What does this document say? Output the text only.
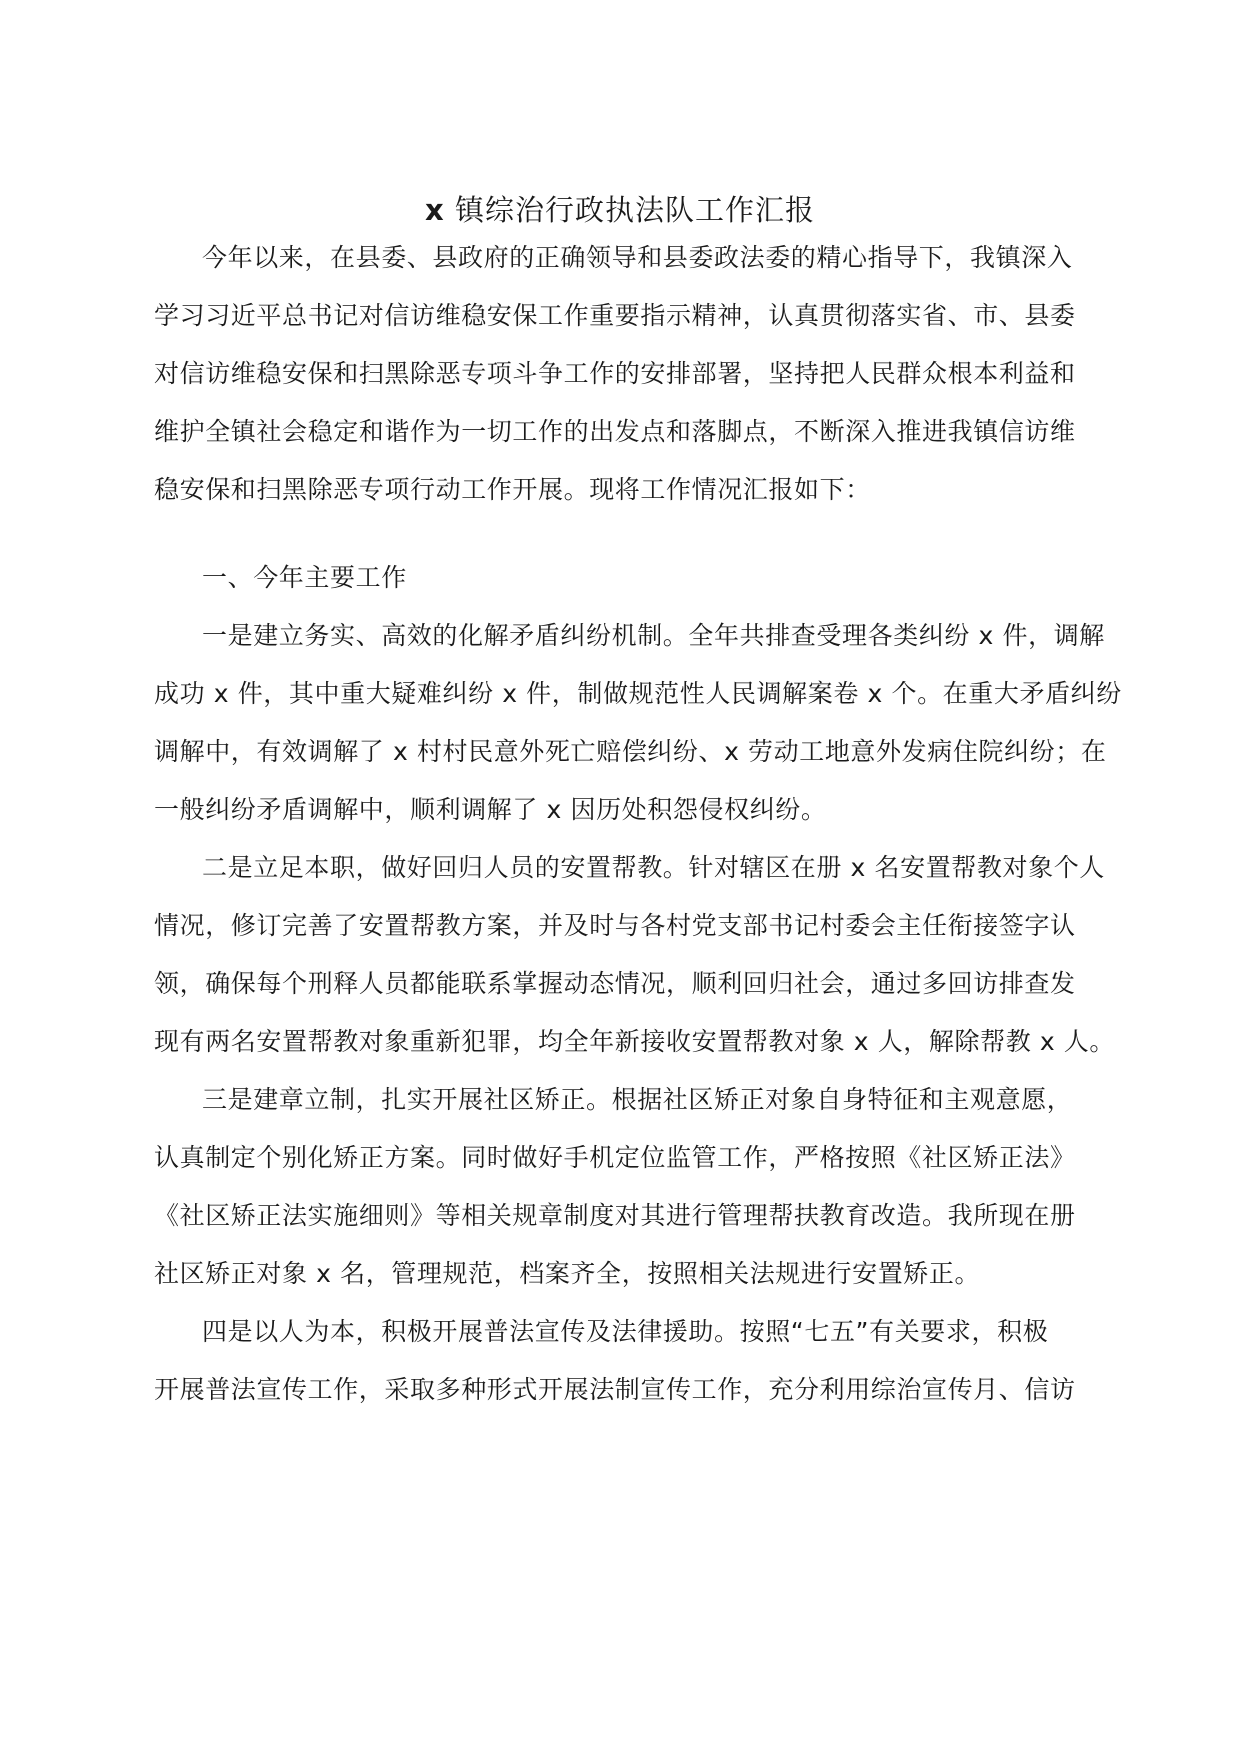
x 镇综治行政执法队工作汇报
今年以来，在县委、县政府的正确领导和县委政法委的精心指导下，我镇深入
学习习近平总书记对信访维稳安保工作重要指示精神，认真贯彻落实省、市、县委
对信访维稳安保和扫黑除恶专项斗争工作的安排部署，坚持把人民群众根本利益和
维护全镇社会稳定和谐作为一切工作的出发点和落脚点，不断深入推进我镇信访维
稳安保和扫黑除恶专项行动工作开展。现将工作情况汇报如下：
一、今年主要工作
一是建立务实、高效的化解矛盾纠纷机制。全年共排查受理各类纠纷 x 件，调解
成功 x 件，其中重大疑难纠纷 x 件，制做规范性人民调解案卷 x 个。在重大矛盾纠纷
调解中，有效调解了 x 村村民意外死亡赔偿纠纷、x 劳动工地意外发病住院纠纷；在
一般纠纷矛盾调解中，顺利调解了 x 因历处积怨侵权纠纷。
二是立足本职，做好回归人员的安置帮教。针对辖区在册 x 名安置帮教对象个人
情况，修订完善了安置帮教方案，并及时与各村党支部书记村委会主任衔接签字认
领，确保每个刑释人员都能联系掌握动态情况，顺利回归社会，通过多回访排查发
现有两名安置帮教对象重新犯罪，均全年新接收安置帮教对象 x 人，解除帮教 x 人。
三是建章立制，扎实开展社区矫正。根据社区矫正对象自身特征和主观意愿，
认真制定个别化矫正方案。同时做好手机定位监管工作，严格按照《社区矫正法》
《社区矫正法实施细则》等相关规章制度对其进行管理帮扶教育改造。我所现在册
社区矫正对象 x 名，管理规范，档案齐全，按照相关法规进行安置矫正。
四是以人为本，积极开展普法宣传及法律援助。按照“七五”有关要求，积极
开展普法宣传工作，采取多种形式开展法制宣传工作，充分利用综治宣传月、信访
